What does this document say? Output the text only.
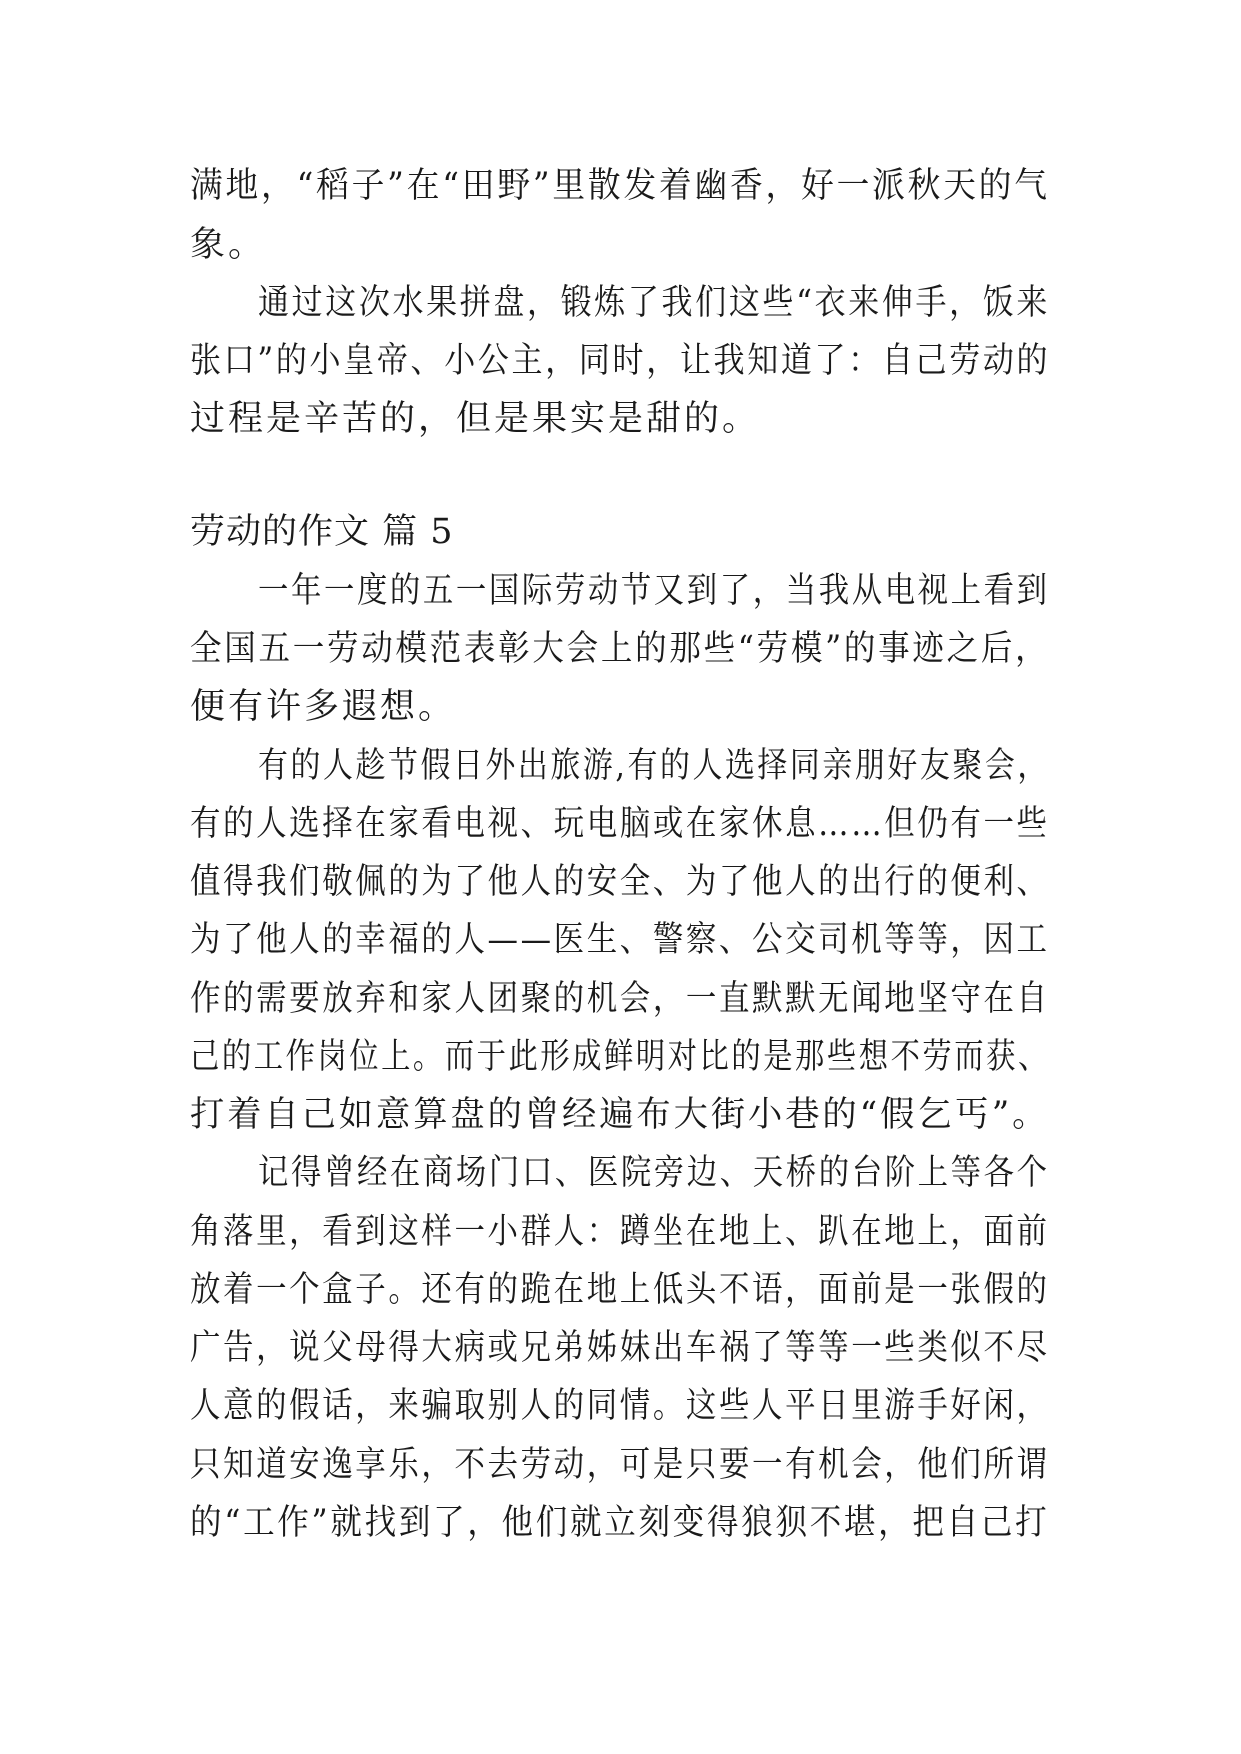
满地，“稻子”在“田野”里散发着幽香，好一派秋天的气
象。
通过这次水果拼盘，锻炼了我们这些“衣来伸手，饭来
张口”的小皇帝、小公主，同时，让我知道了：自己劳动的
过程是辛苦的，但是果实是甜的。
劳动的作文 篇 5
一年一度的五一国际劳动节又到了，当我从电视上看到
全国五一劳动模范表彰大会上的那些“劳模”的事迹之后，
便有许多遐想。
有的人趁节假日外出旅游,有的人选择同亲朋好友聚会，
有的人选择在家看电视、玩电脑或在家休息……但仍有一些
值得我们敬佩的为了他人的安全、为了他人的出行的便利、
为了他人的幸福的人——医生、警察、公交司机等等，因工
作的需要放弃和家人团聚的机会，一直默默无闻地坚守在自
己的工作岗位上。而于此形成鲜明对比的是那些想不劳而获、
打着自己如意算盘的曾经遍布大街小巷的“假乞丐”。
记得曾经在商场门口、医院旁边、天桥的台阶上等各个
角落里，看到这样一小群人：蹲坐在地上、趴在地上，面前
放着一个盒子。还有的跪在地上低头不语，面前是一张假的
广告，说父母得大病或兄弟姊妹出车祸了等等一些类似不尽
人意的假话，来骗取别人的同情。这些人平日里游手好闲，
只知道安逸享乐，不去劳动，可是只要一有机会，他们所谓
的“工作”就找到了，他们就立刻变得狼狈不堪，把自己打
